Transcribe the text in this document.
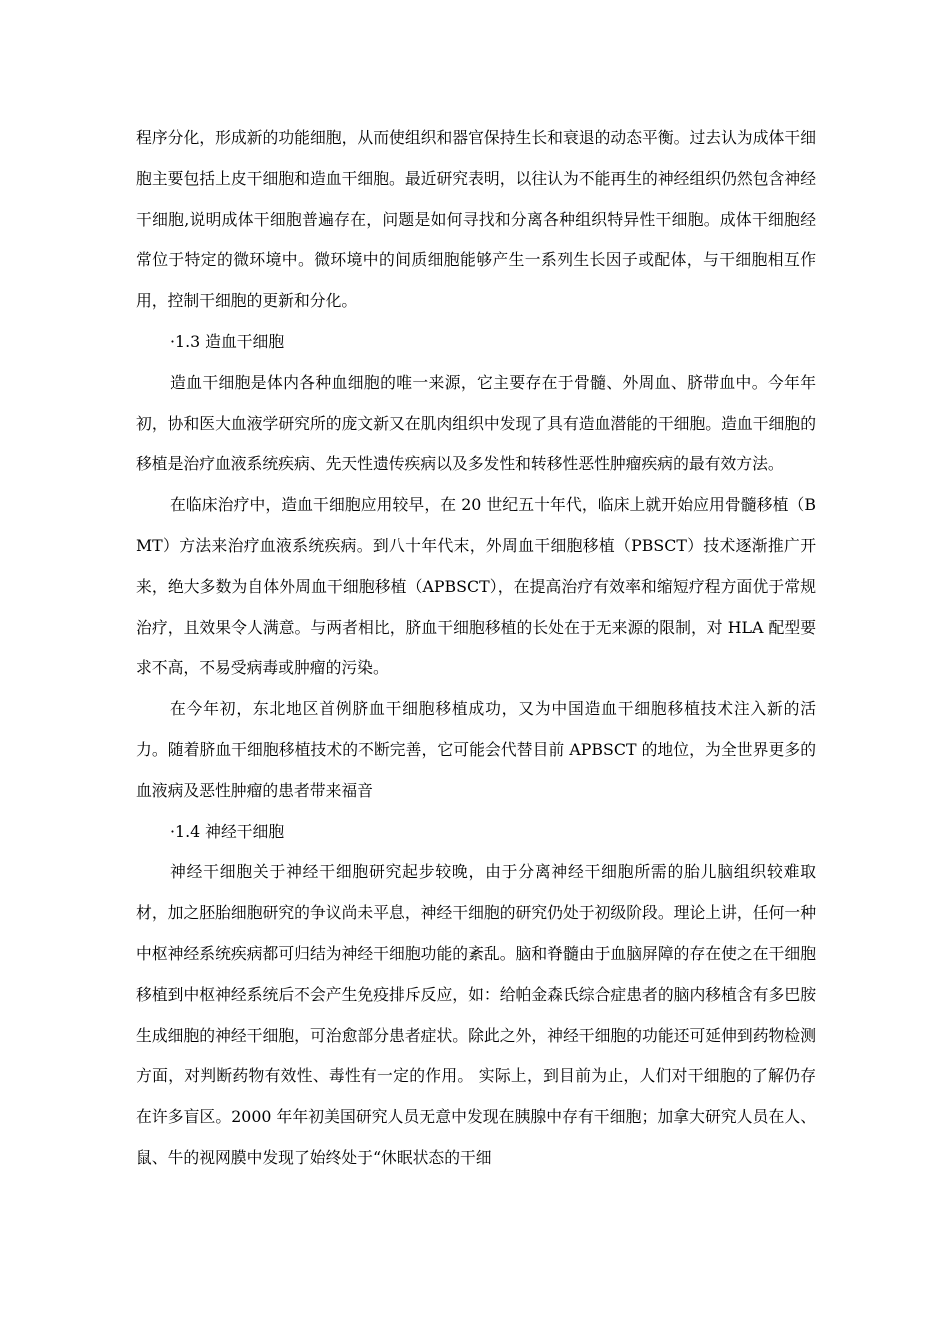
程序分化，形成新的功能细胞，从而使组织和器官保持生长和衰退的动态平衡。过去认为成体干细胞主要包括上皮干细胞和造血干细胞。最近研究表明，以往认为不能再生的神经组织仍然包含神经干细胞,说明成体干细胞普遍存在，问题是如何寻找和分离各种组织特异性干细胞。成体干细胞经常位于特定的微环境中。微环境中的间质细胞能够产生一系列生长因子或配体，与干细胞相互作用，控制干细胞的更新和分化。

·1.3 造血干细胞

造血干细胞是体内各种血细胞的唯一来源，它主要存在于骨髓、外周血、脐带血中。今年年初，协和医大血液学研究所的庞文新又在肌肉组织中发现了具有造血潜能的干细胞。造血干细胞的移植是治疗血液系统疾病、先天性遗传疾病以及多发性和转移性恶性肿瘤疾病的最有效方法。

在临床治疗中，造血干细胞应用较早，在 20 世纪五十年代，临床上就开始应用骨髓移植（BMT）方法来治疗血液系统疾病。到八十年代末，外周血干细胞移植（PBSCT）技术逐渐推广开来，绝大多数为自体外周血干细胞移植（APBSCT），在提高治疗有效率和缩短疗程方面优于常规治疗，且效果令人满意。与两者相比，脐血干细胞移植的长处在于无来源的限制，对 HLA 配型要求不高，不易受病毒或肿瘤的污染。

在今年初，东北地区首例脐血干细胞移植成功，又为中国造血干细胞移植技术注入新的活力。随着脐血干细胞移植技术的不断完善，它可能会代替目前 APBSCT 的地位，为全世界更多的血液病及恶性肿瘤的患者带来福音

·1.4 神经干细胞

神经干细胞关于神经干细胞研究起步较晚，由于分离神经干细胞所需的胎儿脑组织较难取材，加之胚胎细胞研究的争议尚未平息，神经干细胞的研究仍处于初级阶段。理论上讲，任何一种中枢神经系统疾病都可归结为神经干细胞功能的紊乱。脑和脊髓由于血脑屏障的存在使之在干细胞移植到中枢神经系统后不会产生免疫排斥反应，如：给帕金森氏综合症患者的脑内移植含有多巴胺生成细胞的神经干细胞，可治愈部分患者症状。除此之外，神经干细胞的功能还可延伸到药物检测方面，对判断药物有效性、毒性有一定的作用。 实际上，到目前为止，人们对干细胞的了解仍存在许多盲区。2000 年年初美国研究人员无意中发现在胰腺中存有干细胞；加拿大研究人员在人、鼠、牛的视网膜中发现了始终处于“休眠状态的干细
